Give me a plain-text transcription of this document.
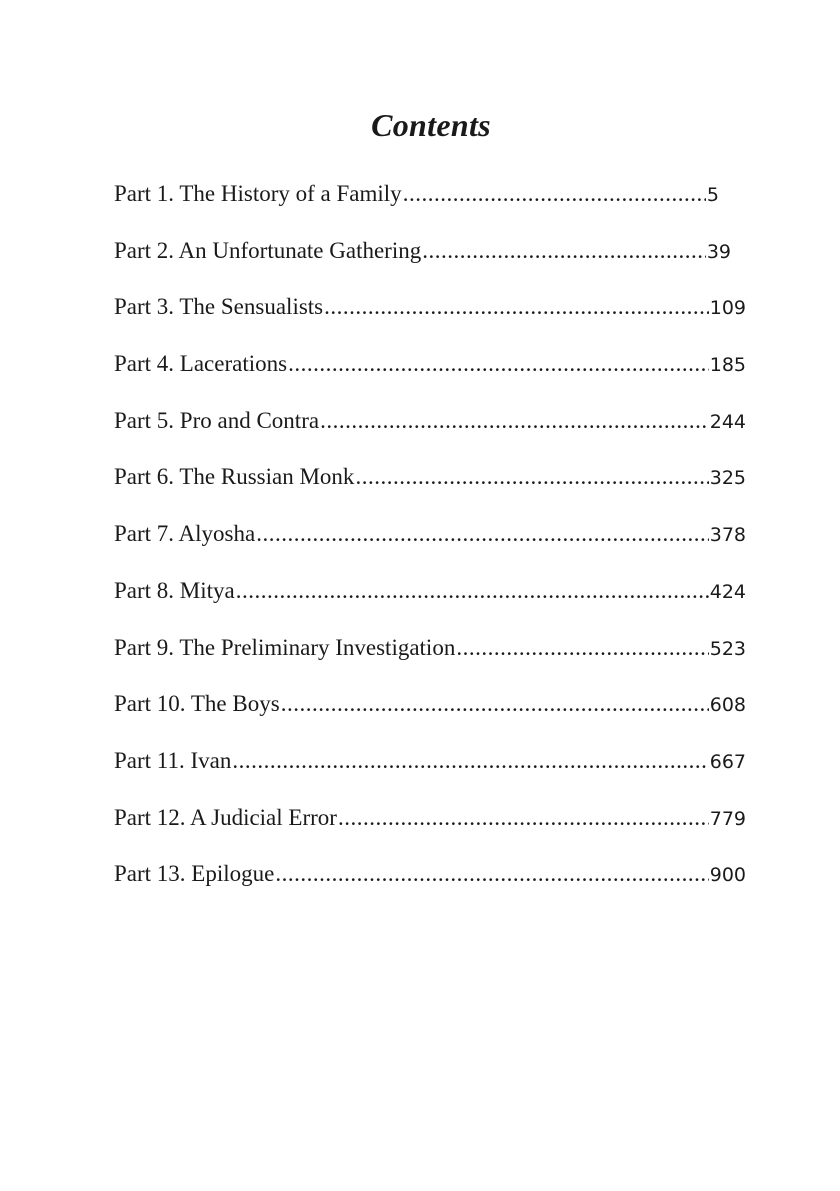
Contents
Part 1. The History of a Family .....	5
Part 2. An Unfortunate Gathering .....	39
Part 3. The Sensualists .....	109
Part 4. Lacerations .....	185
Part 5. Pro and Contra .....	244
Part 6. The Russian Monk .....	325
Part 7. Alyosha .....	378
Part 8. Mitya .....	424
Part 9. The Preliminary Investigation .....	523
Part 10. The Boys .....	608
Part 11. Ivan .....	667
Part 12. A Judicial Error .....	779
Part 13. Epilogue .....	900
